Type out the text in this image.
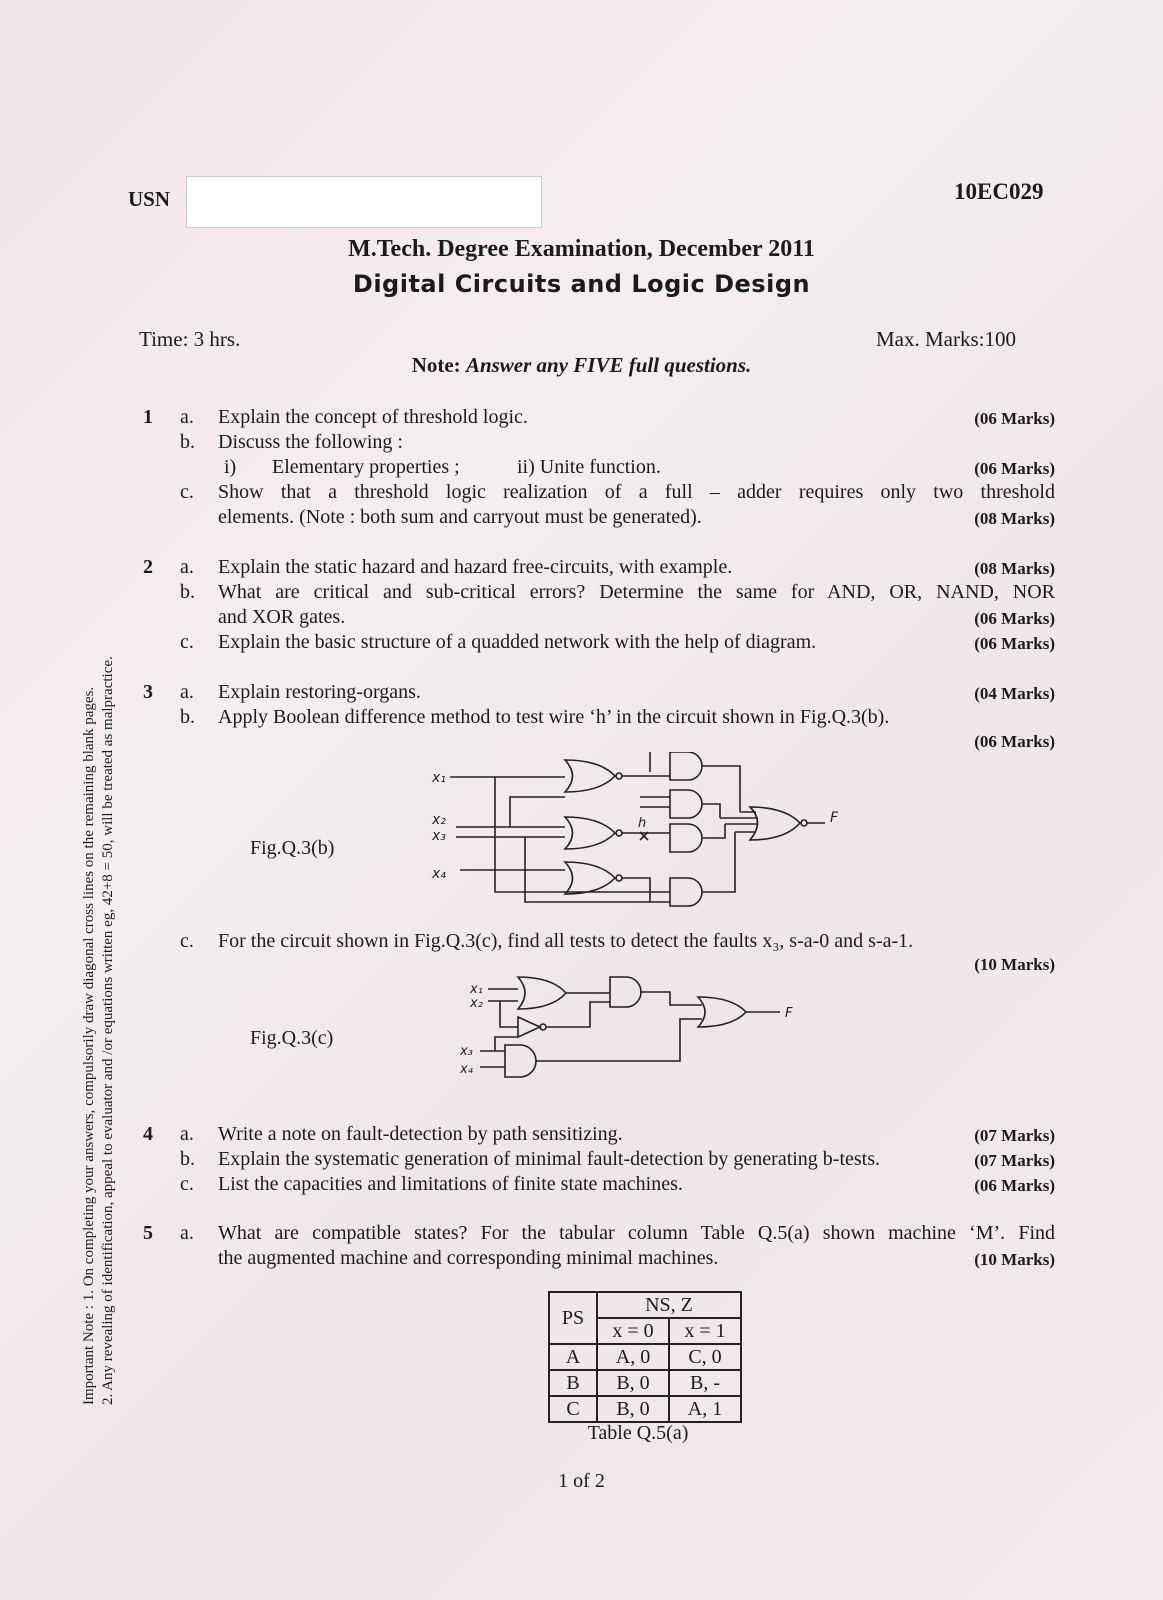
USN	10EC029
M.Tech. Degree Examination, December 2011
Digital Circuits and Logic Design
Time: 3 hrs.	Max. Marks:100
Note: Answer any FIVE full questions.
Important Note : 1. On completing your answers, compulsorily draw diagonal cross lines on the remaining blank pages. 2. Any revealing of identification, appeal to evaluator and /or equations written eg, 42+8 = 50, will be treated as malpractice.
1 a. Explain the concept of threshold logic.	(06 Marks)
b. Discuss the following :
i) Elementary properties ;	ii) Unite function.	(06 Marks)
c. Show that a threshold logic realization of a full – adder requires only two threshold
elements. (Note : both sum and carryout must be generated).	(08 Marks)
2 a. Explain the static hazard and hazard free-circuits, with example.	(08 Marks)
b. What are critical and sub-critical errors? Determine the same for AND, OR, NAND, NOR
and XOR gates.	(06 Marks)
c. Explain the basic structure of a quadded network with the help of diagram.	(06 Marks)
3 a. Explain restoring-organs.	(04 Marks)
b. Apply Boolean difference method to test wire ‘h’ in the circuit shown in Fig.Q.3(b).
(06 Marks)
Fig.Q.3(b)
x₁
x₂
x₃
x₄
h	F
c. For the circuit shown in Fig.Q.3(c), find all tests to detect the faults x₃, s-a-0 and s-a-1.
(10 Marks)
Fig.Q.3(c)
x₁
x₂
x₃
x₄
F
4 a. Write a note on fault-detection by path sensitizing.	(07 Marks)
b. Explain the systematic generation of minimal fault-detection by generating b-tests.	(07 Marks)
c. List the capacities and limitations of finite state machines.	(06 Marks)
5 a. What are compatible states? For the tabular column Table Q.5(a) shown machine ‘M’. Find
the augmented machine and corresponding minimal machines.	(10 Marks)
PS	NS, Z	
	x = 0	x = 1
A	A, 0	C, 0
B	B, 0	B, -
C	B, 0	A, 1
Table Q.5(a)
1 of 2
